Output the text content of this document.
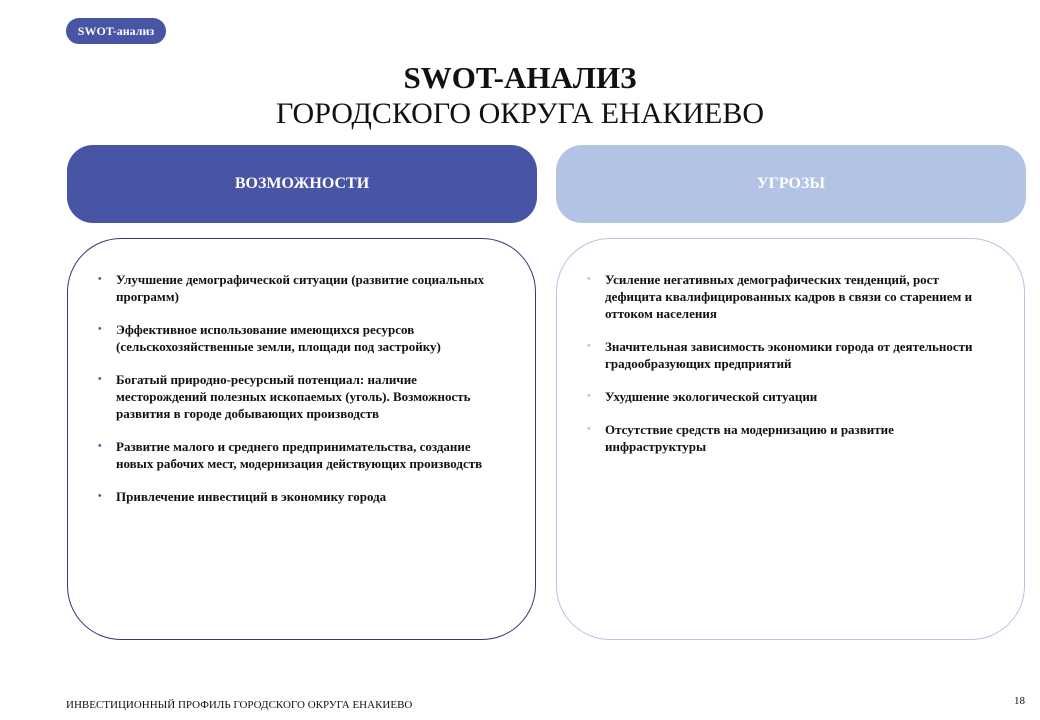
SWOT-анализ
SWOT-АНАЛИЗ
ГОРОДСКОГО ОКРУГА ЕНАКИЕВО
ВОЗМОЖНОСТИ	УГРОЗЫ
• Улучшение демографической ситуации (развитие социальных программ)
• Эффективное использование имеющихся ресурсов (сельскохозяйственные земли, площади под застройку)
• Богатый природно-ресурсный потенциал: наличие месторождений полезных ископаемых (уголь). Возможность развития в городе добывающих производств
• Развитие малого и среднего предпринимательства, создание новых рабочих мест, модернизация действующих производств
• Привлечение инвестиций в экономику города
• Усиление негативных демографических тенденций, рост дефицита квалифицированных кадров в связи со старением и оттоком населения
• Значительная зависимость экономики города от деятельности градообразующих предприятий
• Ухудшение экологической ситуации
• Отсутствие средств на модернизацию и развитие инфраструктуры
ИНВЕСТИЦИОННЫЙ ПРОФИЛЬ ГОРОДСКОГО ОКРУГА ЕНАКИЕВО	18
